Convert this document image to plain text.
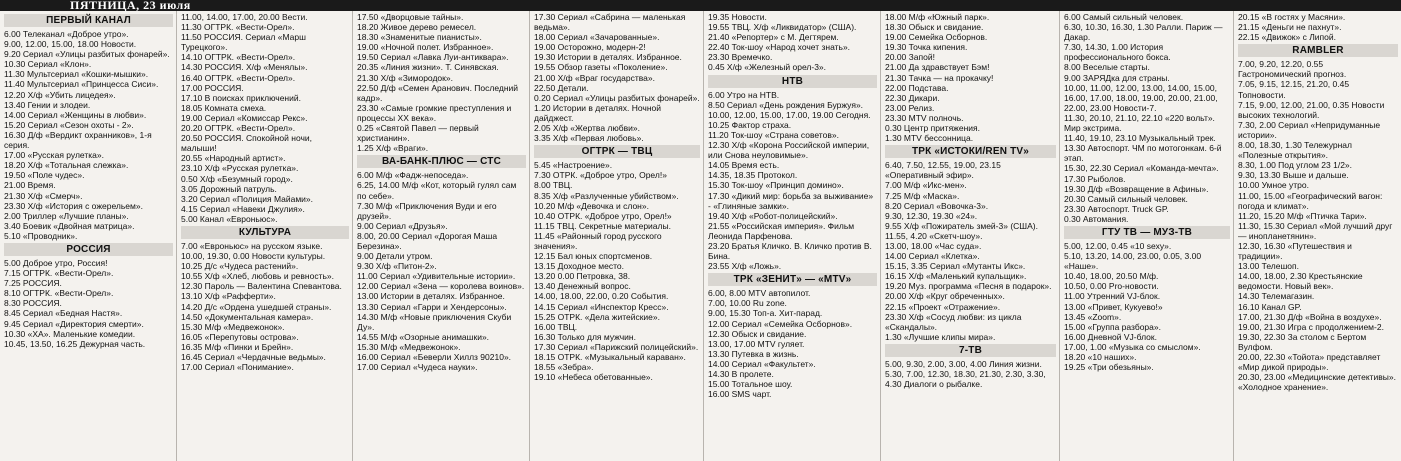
ПЯТНИЦА, 23 июля
ПЕРВЫЙ КАНАЛ
6.00 Телеканал «Доброе утро».
9.00, 12.00, 15.00, 18.00 Новости.
9.20 Сериал «Улицы разбитых фонарей».
10.30 Сериал «Клон».
11.30 Мультсериал «Кошки-мышки».
11.40 Мультсериал «Принцесса Сиси».
12.20 Х/ф «Убить лицедея».
13.40 Гении и злодеи.
14.00 Сериал «Женщины в любви».
15.20 Сериал «Сезон охоты - 2».
16.30 Д/ф «Вердикт охранников», 1-я серия.
17.00 «Русская рулетка».
18.20 Х/ф «Тотальная слежка».
19.50 «Поле чудес».
21.00 Время.
21.30 Х/ф «Смерч».
23.30 Х/ф «История с ожерельем».
2.00 Триллер «Лучшие планы».
3.40 Боевик «Двойная матрица».
5.10 «Проводник».
РОССИЯ
5.00 Доброе утро, Россия!
7.15 ОГТРК. «Вести-Орел».
7.25 РОССИЯ.
8.10 ОГТРК. «Вести-Орел».
8.30 РОССИЯ.
8.45 Сериал «Бедная Настя».
9.45 Сериал «Директория смерти».
10.30 «ХА». Маленькие комедии.
10.45, 13.50, 16.25 Дежурная часть.
11.00, 14.00, 17.00, 20.00 Вести.
11.30 ОГТРК. «Вести-Орел».
11.50 РОССИЯ. Сериал «Марш Турецкого».
14.10 ОГТРК. «Вести-Орел».
14.30 РОССИЯ. Х/ф «Менялы».
16.40 ОГТРК. «Вести-Орел».
17.00 РОССИЯ.
17.10 В поисках приключений.
18.05 Комната смеха.
19.00 Сериал «Комиссар Рекс».
20.20 ОГТРК. «Вести-Орел».
20.50 РОССИЯ. Спокойной ночи, малыши!
20.55 «Народный артист».
23.10 Х/ф «Русская рулетка».
0.50 Х/ф «Безумный город».
3.05 Дорожный патруль.
3.20 Сериал «Полиция Майами».
4.15 Сериал «Навеки Джулия».
5.00 Канал «Евроньюс».
КУЛЬТУРА
7.00 «Евроньюс» на русском языке.
10.00, 19.30, 0.00 Новости культуры.
10.25 Д/с «Чудеса растений».
10.55 Х/ф «Хлеб, любовь и ревность».
12.30 Пароль — Валентина Спевантова.
13.10 Х/ф «Рафферти».
14.20 Д/с «Ордена ушедшей страны».
14.50 «Документальная камера».
15.30 М/ф «Медвежонок».
16.05 «Перепутовы острова».
16.35 М/ф «Пинки и Брейн».
16.45 Сериал «Чердачные ведьмы».
17.00 Сериал «Понимание».
17.50 «Дворцовые тайны».
18.20 Живое дерево ремесел.
18.30 «Знаменитые пианисты».
19.00 «Ночной полет. Избранное».
19.50 Сериал «Лавка Луи-антиквара».
20.35 «Линия жизни». Т. Синявская.
21.30 Х/ф «Зимородок».
22.50 Д/ф «Семен Аранович. Последний кадр».
23.30 «Самые громкие преступления и процессы XX века».
0.25 «Святой Павел — первый христианин».
1.25 Х/ф «Враги».
ВА-БАНК-ПЛЮС — СТС
6.00 М/ф «Фадж-непоседа».
6.25, 14.00 М/ф «Кот, который гулял сам по себе».
7.30 М/ф «Приключения Вуди и его друзей».
9.00 Сериал «Друзья».
8.00, 20.00 Сериал «Дорогая Маша Березина».
9.00 Детали утром.
9.30 Х/ф «Питон-2».
11.00 Сериал «Удивительные истории».
12.00 Сериал «Зена — королева воинов».
13.00 Истории в деталях. Избранное.
13.30 Сериал «Гарри и Хендерсоны».
14.30 М/ф «Новые приключения Скуби Ду».
14.55 М/ф «Озорные анимашки».
15.30 М/ф «Медвежонок».
16.00 Сериал «Беверли Хиллз 90210».
17.00 Сериал «Чудеса науки».
17.30 Сериал «Сабрина — маленькая ведьма».
18.00 Сериал «Зачарованные».
19.00 Осторожно, модерн-2!
19.30 Истории в деталях. Избранное.
19.55 Обзор газеты «Поколение».
21.00 Х/ф «Враг государства».
22.50 Детали.
0.20 Сериал «Улицы разбитых фонарей».
1.20 Истории в деталях. Ночной дайджест.
2.05 Х/ф «Жертва любви».
3.35 Х/ф «Первая любовь».
ОГТРК — ТВЦ
5.45 «Настроение».
7.30 ОТРК. «Доброе утро, Орел!»
8.00 ТВЦ.
8.35 Х/ф «Разлученные убийством».
10.20 М/ф «Девочка и слон».
10.40 ОТРК. «Доброе утро, Орел!»
11.15 ТВЦ. Секретные материалы.
11.45 «Районный город русского значения».
12.15 Бал юных спортсменов.
13.15 Доходное место.
13.20 0.00 Петровка, 38.
13.40 Денежный вопрос.
14.00, 18.00, 22.00, 0.20 События.
14.15 Сериал «Инспектор Кресс».
15.25 ОТРК. «Дела житейские».
16.00 ТВЦ.
16.30 Только для мужчин.
17.30 Сериал «Парижский полицейский».
18.15 ОТРК. «Музыкальный караван».
18.55 «Зебра».
19.10 «Небеса обетованные».
19.35 Новости.
19.55 ТВЦ. Х/ф «Ликвидатор» (США).
21.40 «Репортер» с М. Дегтярем.
22.40 Ток-шоу «Народ хочет знать».
23.30 Времечко.
0.45 Х/ф «Железный орел-3».
НТВ
6.00 Утро на НТВ.
8.50 Сериал «День рождения Буржуя».
10.00, 12.00, 15.00, 17.00, 19.00 Сегодня.
10.25 Фактор страха.
11.20 Ток-шоу «Страна советов».
12.30 Х/ф «Корона Российской империи, или Снова неуловимые».
14.05 Время есть.
14.35, 18.35 Протокол.
15.30 Ток-шоу «Принцип домино».
17.30 «Дикий мир: борьба за выживание» - «Глиняные замки».
19.40 Х/ф «Робот-полицейский».
21.55 «Российская империя». Фильм Леонида Парфенова.
23.20 Братья Кличко. В. Кличко против В. Бина.
23.55 Х/ф «Ложь».
ТРК «ЗЕНИТ» — «MTV»
6.00, 8.00 MTV автопилот.
7.00, 10.00 Ru zone.
9.00, 15.30 Топ-а. Хит-парад.
12.00 Сериал «Семейка Осборнов».
12.30 Обыск и свидание.
13.00, 17.00 MTV гуляет.
13.30 Путевка в жизнь.
14.00 Сериал «Факультет».
14.30 В пролете.
15.00 Тотальное шоу.
16.00 SMS чарт.
18.00 М/ф «Южный парк».
18.30 Обыск и свидание.
19.00 Семейка Осборнов.
19.30 Точка кипения.
20.00 Запой!
21.00 Да здравствует Бэм!
21.30 Тачка — на прокачку!
22.00 Подстава.
22.30 Дикари.
23.00 Релиз.
23.30 MTV полночь.
0.30 Центр притяжения.
1.30 MTV бессонница.
ТРК «ИСТОКИ/REN TV»
6.40, 7.50, 12.55, 19.00, 23.15 «Оперативный эфир».
7.00 М/ф «Икс-мен».
7.25 М/ф «Маска».
8.20 Сериал «Вовочка-3».
9.30, 12.30, 19.30 «24».
9.55 Х/ф «Пожиратель змей-3» (США).
11.55, 4.20 «Скетч-шоу».
13.00, 18.00 «Час суда».
14.00 Сериал «Клетка».
15.15, 3.35 Сериал «Мутанты Икс».
16.15 Х/ф «Маленький купальщик».
19.20 Муз. программа «Песня в подарок».
20.00 Х/ф «Круг обреченных».
22.15 «Проект «Отражение».
23.30 Х/ф «Сосуд любви: из цикла «Скандалы».
1.30 «Лучшие клипы мира».
7-ТВ
5.00, 9.30, 2.00, 3.00, 4.00 Линия жизни.
5.30, 7.00, 12.30, 18.30, 21.30, 2.30, 3.30, 4.30 Диалоги о рыбалке.
6.00 Самый сильный человек.
6.30, 10.30, 16.30, 1.30 Ралли. Париж — Дакар.
7.30, 14.30, 1.00 История профессионального бокса.
8.00 Веселые старты.
9.00 ЗАРЯДка для страны.
10.00, 11.00, 12.00, 13.00, 14.00, 15.00, 16.00, 17.00, 18.00, 19.00, 20.00, 21.00, 22.00, 23.00 Новости-7.
11.30, 20.10, 21.10, 22.10 «220 вольт». Мир экстрима.
11.40, 19.10, 23.10 Музыкальный трек.
13.30 Автоспорт. ЧМ по мотогонкам. 6-й этап.
15.30, 22.30 Сериал «Команда-мечта».
17.30 Рыболов.
19.30 Д/ф «Возвращение в Афины».
20.30 Самый сильный человек.
23.30 Автоспорт. Truck GP.
0.30 Автомания.
ГТУ ТВ — МУЗ-ТВ
5.00, 12.00, 0.45 «10 sexy».
5.10, 13.20, 14.00, 23.00, 0.05, 3.00 «Наше».
10.40, 18.00, 20.50 М/ф.
10.50, 0.00 Pro-новости.
11.00 Утренний VJ-блок.
13.00 «Привет, Кукуево!»
13.45 «Zoom».
15.00 «Группа разбора».
16.00 Дневной VJ-блок.
17.00, 1.00 «Музыка со смыслом».
18.20 «10 наших».
19.25 «Три обезьяны».
20.15 «В гостях у Масяни».
21.15 «Деньги не пахнут».
22.15 «Движок» с Липой.
RAMBLER
7.00, 9.20, 12.20, 0.55 Гастрономический прогноз.
7.05, 9.15, 12.15, 21.20, 0.45 Топновости.
7.15, 9.00, 12.00, 21.00, 0.35 Новости высоких технологий.
7.30, 2.00 Сериал «Непридуманные истории».
8.00, 18.30, 1.30 Тележурнал «Полезные открытия».
8.30, 1.00 Под углом 23 1/2».
9.30, 13.30 Выше и дальше.
10.00 Умное утро.
11.00, 15.00 «Географический вагон: погода и климат».
11.20, 15.20 М/ф «Птичка Тари».
11.30, 15.30 Сериал «Мой лучший друг — инопланетянин».
12.30, 16.30 «Путешествия и традиции».
13.00 Телешоп.
14.00, 18.00, 2.30 Крестьянские ведомости. Новый век».
14.30 Телемагазин.
16.10 Канал GP.
17.00, 21.30 Д/ф «Война в воздухе».
19.00, 21.30 Игра с продолжением-2.
19.30, 22.30 За столом с Бертом Вулфом.
20.00, 22.30 «Тойота» представляет «Мир дикой природы».
20.30, 23.00 «Медицинские детективы». «Холодное хранение».
